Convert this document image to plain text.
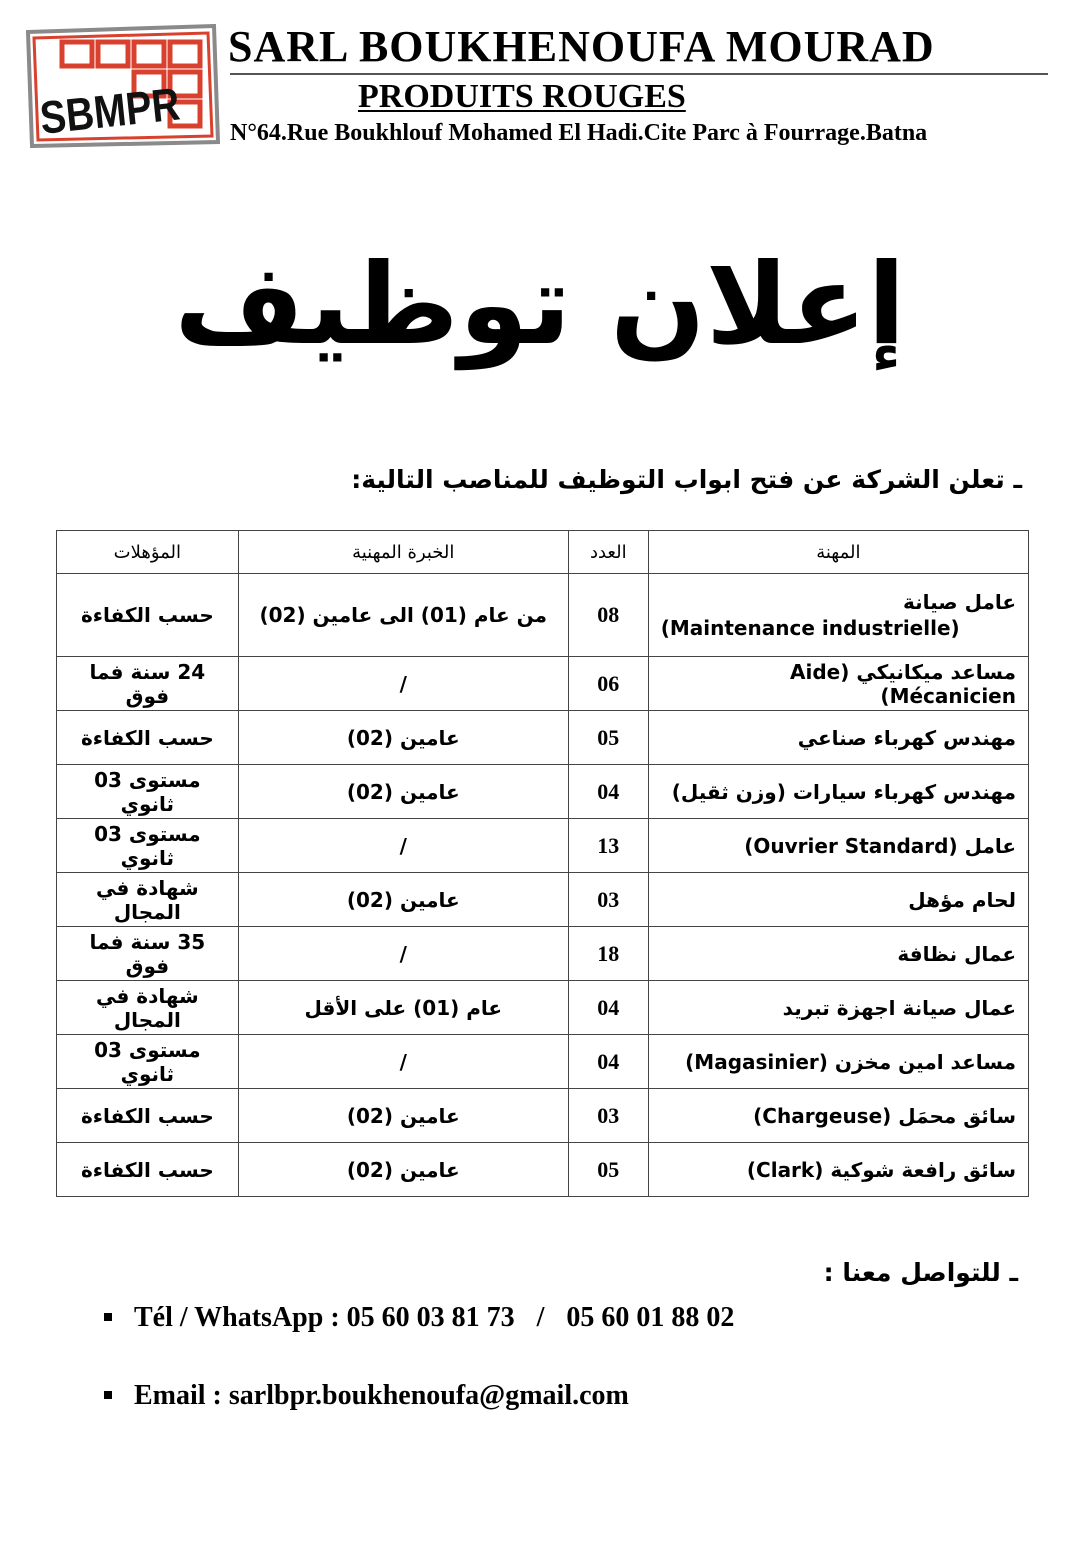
SBMPR
SARL BOUKHENOUFA MOURAD
PRODUITS ROUGES
N°64.Rue Boukhlouf Mohamed El Hadi.Cite Parc à Fourrage.Batna
إعلان توظيف
ـ تعلن الشركة عن فتح ابواب التوظيف للمناصب التالية:
المهنة	العدد	الخبرة المهنية	المؤهلات
عامل صيانة
(Maintenance industrielle)	08	من عام (01) الى عامين (02)	حسب الكفاءة
مساعد ميكانيكي (Aide Mécanicien)	06	/	24 سنة فما فوق
مهندس كهرباء صناعي	05	عامين (02)	حسب الكفاءة
مهندس كهرباء سيارات (وزن ثقيل)	04	عامين (02)	مستوى 03 ثانوي
عامل (Ouvrier Standard)	13	/	مستوى 03 ثانوي
لحام مؤهل	03	عامين (02)	شهادة في المجال
عمال نظافة	18	/	35 سنة فما فوق
عمال صيانة اجهزة تبريد	04	عام (01) على الأقل	شهادة في المجال
مساعد امين مخزن (Magasinier)	04	/	مستوى 03 ثانوي
سائق محمَل (Chargeuse)	03	عامين (02)	حسب الكفاءة
سائق رافعة شوكية (Clark)	05	عامين (02)	حسب الكفاءة
ـ للتواصل معنا :
Tél / WhatsApp : 05 60 03 81 73 / 05 60 01 88 02
Email : sarlbpr.boukhenoufa@gmail.com
